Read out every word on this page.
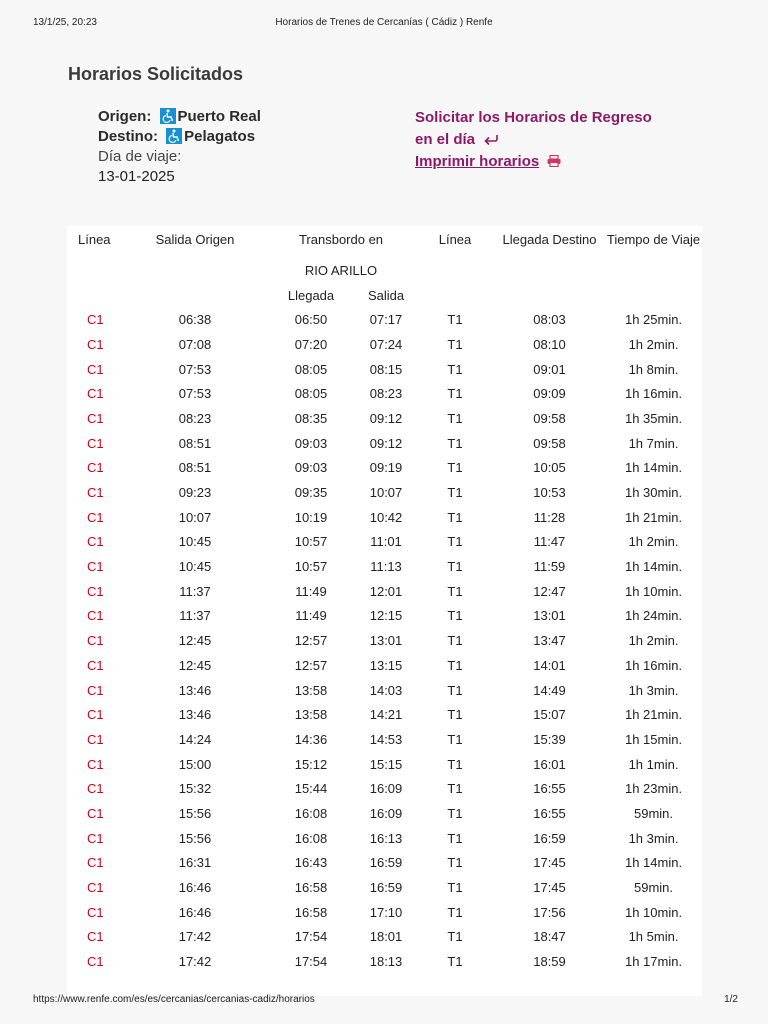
13/1/25, 20:23	Horarios de Trenes de Cercanías ( Cádiz ) Renfe
Horarios Solicitados
Origen: Puerto Real
Destino: Pelagatos
Día de viaje:
13-01-2025
Solicitar los Horarios de Regreso
en el día
Imprimir horarios
Línea	Salida Origen	Transbordo en		Línea	Llegada Destino	Tiempo de Viaje
		RIO ARILLO				
		Llegada	Salida			
C1	06:38	06:50	07:17	T1	08:03	1h 25min.
C1	07:08	07:20	07:24	T1	08:10	1h 2min.
C1	07:53	08:05	08:15	T1	09:01	1h 8min.
C1	07:53	08:05	08:23	T1	09:09	1h 16min.
C1	08:23	08:35	09:12	T1	09:58	1h 35min.
C1	08:51	09:03	09:12	T1	09:58	1h 7min.
C1	08:51	09:03	09:19	T1	10:05	1h 14min.
C1	09:23	09:35	10:07	T1	10:53	1h 30min.
C1	10:07	10:19	10:42	T1	11:28	1h 21min.
C1	10:45	10:57	11:01	T1	11:47	1h 2min.
C1	10:45	10:57	11:13	T1	11:59	1h 14min.
C1	11:37	11:49	12:01	T1	12:47	1h 10min.
C1	11:37	11:49	12:15	T1	13:01	1h 24min.
C1	12:45	12:57	13:01	T1	13:47	1h 2min.
C1	12:45	12:57	13:15	T1	14:01	1h 16min.
C1	13:46	13:58	14:03	T1	14:49	1h 3min.
C1	13:46	13:58	14:21	T1	15:07	1h 21min.
C1	14:24	14:36	14:53	T1	15:39	1h 15min.
C1	15:00	15:12	15:15	T1	16:01	1h 1min.
C1	15:32	15:44	16:09	T1	16:55	1h 23min.
C1	15:56	16:08	16:09	T1	16:55	59min.
C1	15:56	16:08	16:13	T1	16:59	1h 3min.
C1	16:31	16:43	16:59	T1	17:45	1h 14min.
C1	16:46	16:58	16:59	T1	17:45	59min.
C1	16:46	16:58	17:10	T1	17:56	1h 10min.
C1	17:42	17:54	18:01	T1	18:47	1h 5min.
C1	17:42	17:54	18:13	T1	18:59	1h 17min.
https://www.renfe.com/es/es/cercanias/cercanias-cadiz/horarios	1/2
